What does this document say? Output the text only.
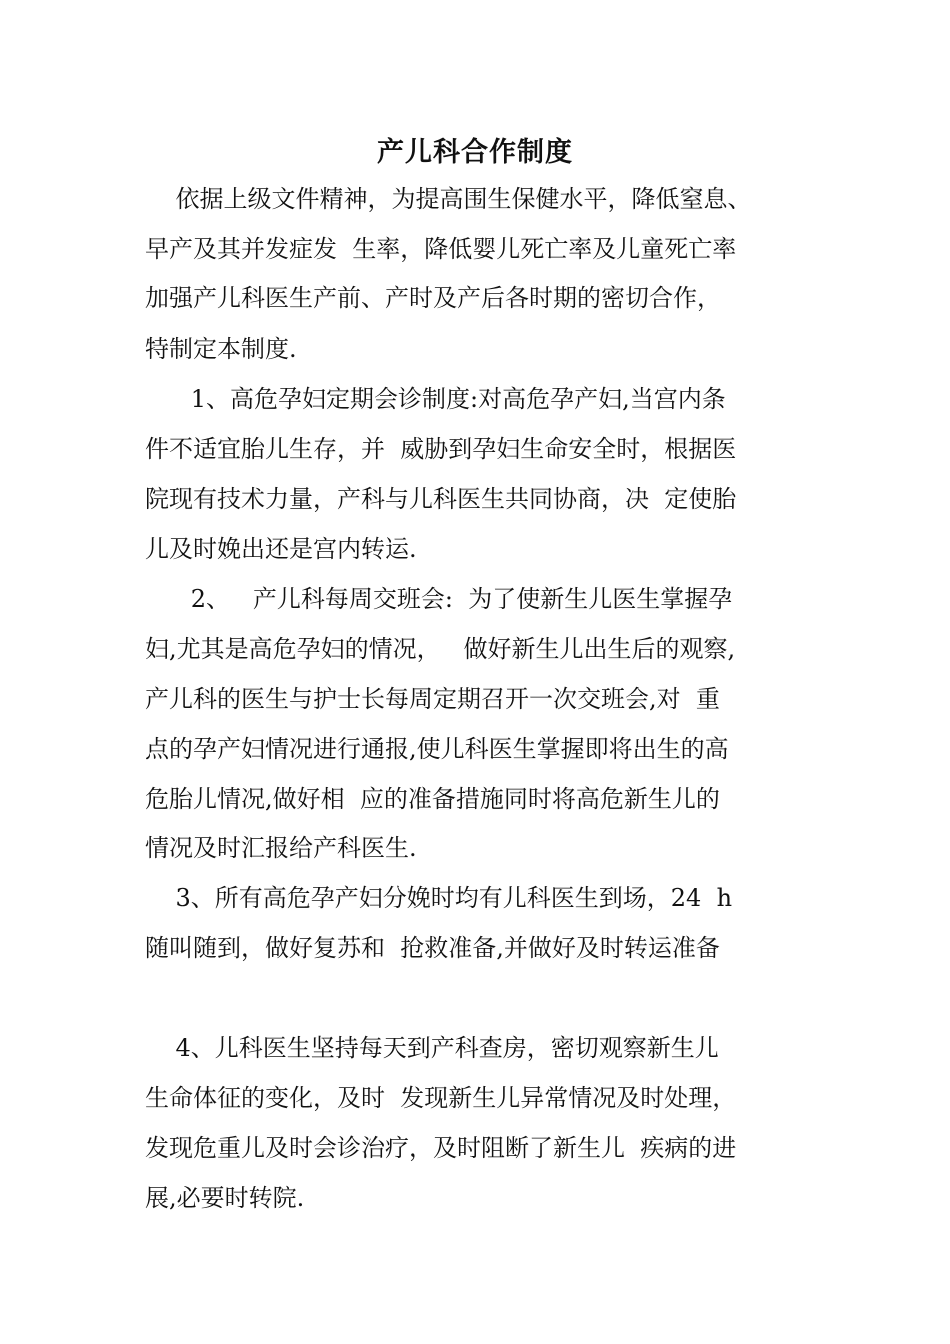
产儿科合作制度
依据上级文件精神，为提高围生保健水平，降低窒息、
早产及其并发症发  生率，降低婴儿死亡率及儿童死亡率
加强产儿科医生产前、产时及产后各时期的密切合作，
特制定本制度.
1、高危孕妇定期会诊制度:对高危孕产妇,当宫内条
件不适宜胎儿生存，并  威胁到孕妇生命安全时，根据医
院现有技术力量，产科与儿科医生共同协商，决  定使胎
儿及时娩出还是宫内转运.
2、   产儿科每周交班会:  为了使新生儿医生掌握孕
妇,尤其是高危孕妇的情况，   做好新生儿出生后的观察,
产儿科的医生与护士长每周定期召开一次交班会,对  重
点的孕产妇情况进行通报,使儿科医生掌握即将出生的高
危胎儿情况,做好相  应的准备措施同时将高危新生儿的
情况及时汇报给产科医生.
3、所有高危孕产妇分娩时均有儿科医生到场，24  h
随叫随到，做好复苏和  抢救准备,并做好及时转运准备
4、儿科医生坚持每天到产科查房，密切观察新生儿
生命体征的变化，及时  发现新生儿异常情况及时处理，
发现危重儿及时会诊治疗，及时阻断了新生儿  疾病的进
展,必要时转院.
